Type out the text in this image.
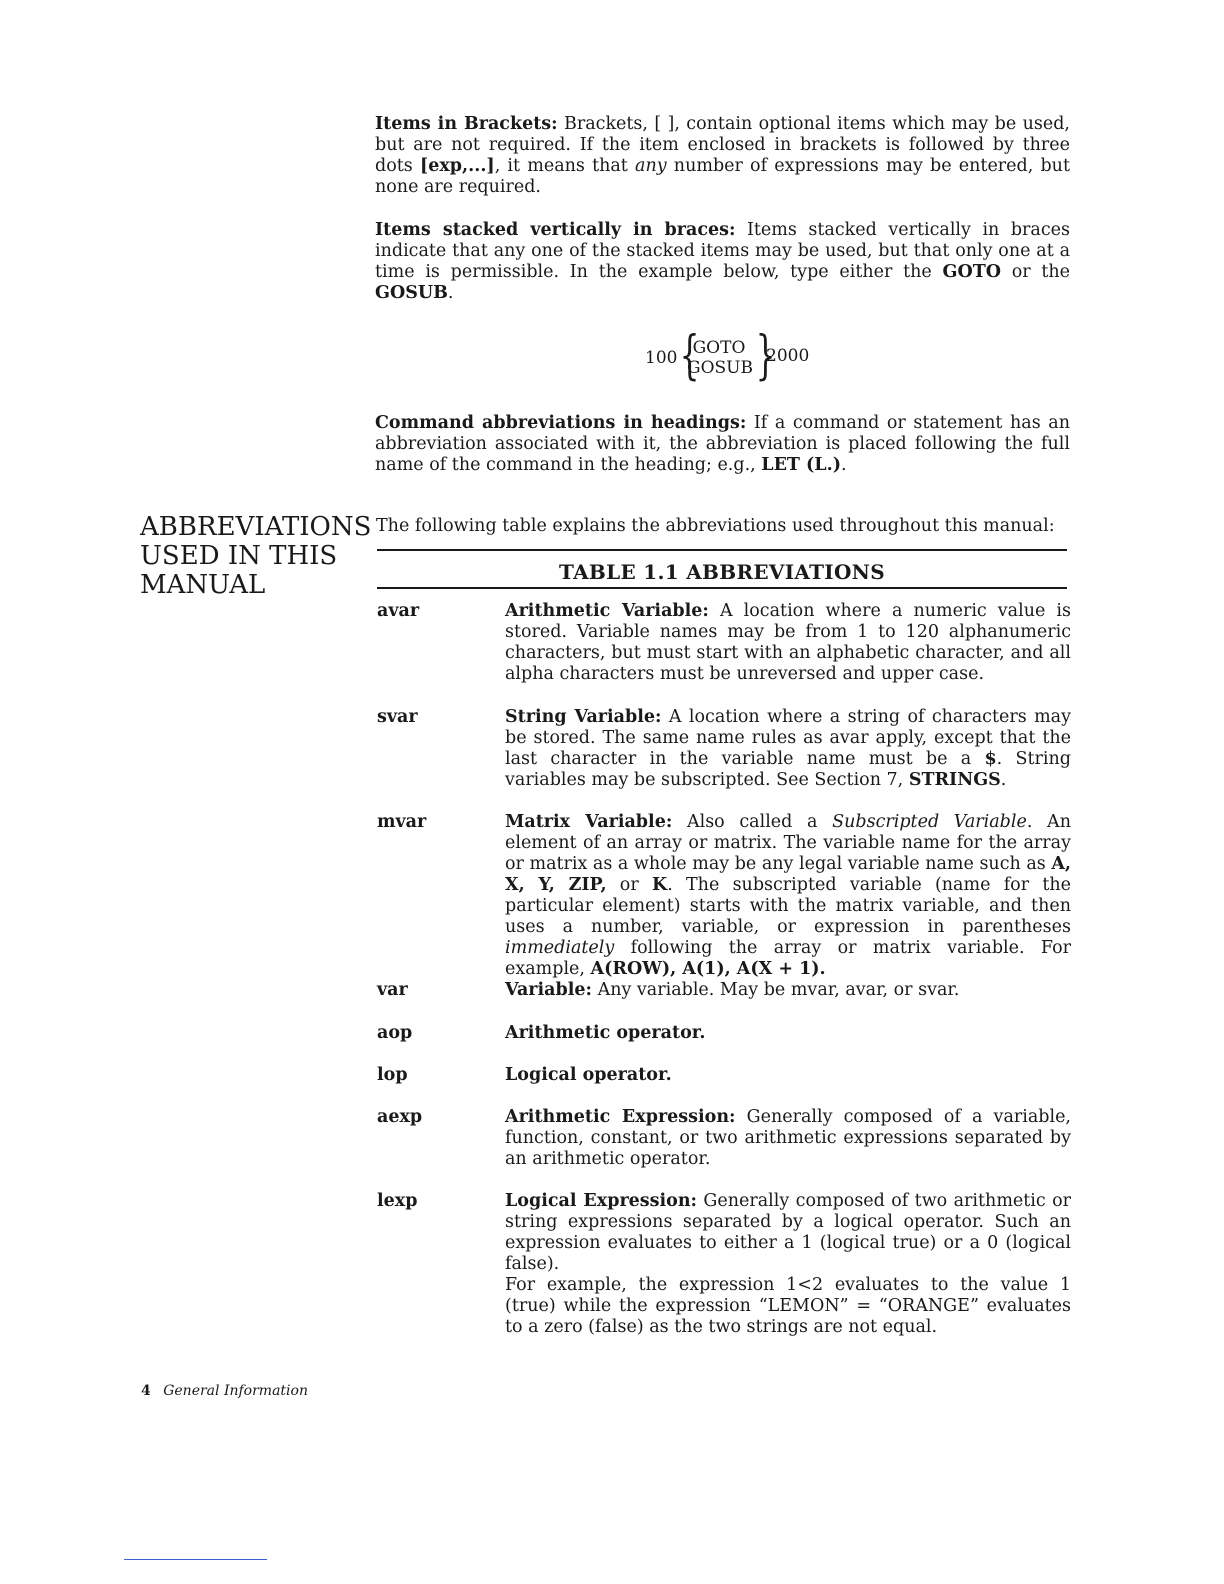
Items in Brackets: Brackets, [ ], contain optional items which may be used, but are not required. If the item enclosed in brackets is followed by three dots [exp,...], it means that any number of expressions may be entered, but none are required.

Items stacked vertically in braces: Items stacked vertically in braces indicate that any one of the stacked items may be used, but that only one at a time is permissible. In the example below, type either the GOTO or the GOSUB.

100 {
GOTO
GOSUB }
2000

Command abbreviations in headings: If a command or statement has an abbreviation associated with it, the abbreviation is placed following the full name of the command in the heading; e.g., LET (L.).

ABBREVIATIONS
USED IN THIS
MANUAL
The following table explains the abbreviations used throughout this manual:
TABLE 1.1 ABBREVIATIONS
avar	Arithmetic Variable: A location where a numeric value is stored. Variable names may be from 1 to 120 alphanumeric characters, but must start with an alphabetic character, and all alpha characters must be unreversed and upper case.

svar	String Variable: A location where a string of characters may be stored. The same name rules as avar apply, except that the last character in the variable name must be a $. String variables may be subscripted. See Section 7, STRINGS.

mvar	Matrix Variable: Also called a Subscripted Variable. An element of an array or matrix. The variable name for the array or matrix as a whole may be any legal variable name such as A, X, Y, ZIP, or K. The subscripted variable (name for the particular element) starts with the matrix variable, and then uses a number, variable, or expression in parentheses immediately following the array or matrix variable. For example, A(ROW), A(1), A(X + 1).

var	Variable: Any variable. May be mvar, avar, or svar.

aop	Arithmetic operator.

lop	Logical operator.

aexp	Arithmetic Expression: Generally composed of a variable, function, constant, or two arithmetic expressions separated by an arithmetic operator.

lexp	Logical Expression: Generally composed of two arithmetic or string expressions separated by a logical operator. Such an expression evaluates to either a 1 (logical true) or a 0 (logical false).

For example, the expression 1<2 evaluates to the value 1 (true) while the expression “LEMON” = “ORANGE” evaluates to a zero (false) as the two strings are not equal.

4 General Information
